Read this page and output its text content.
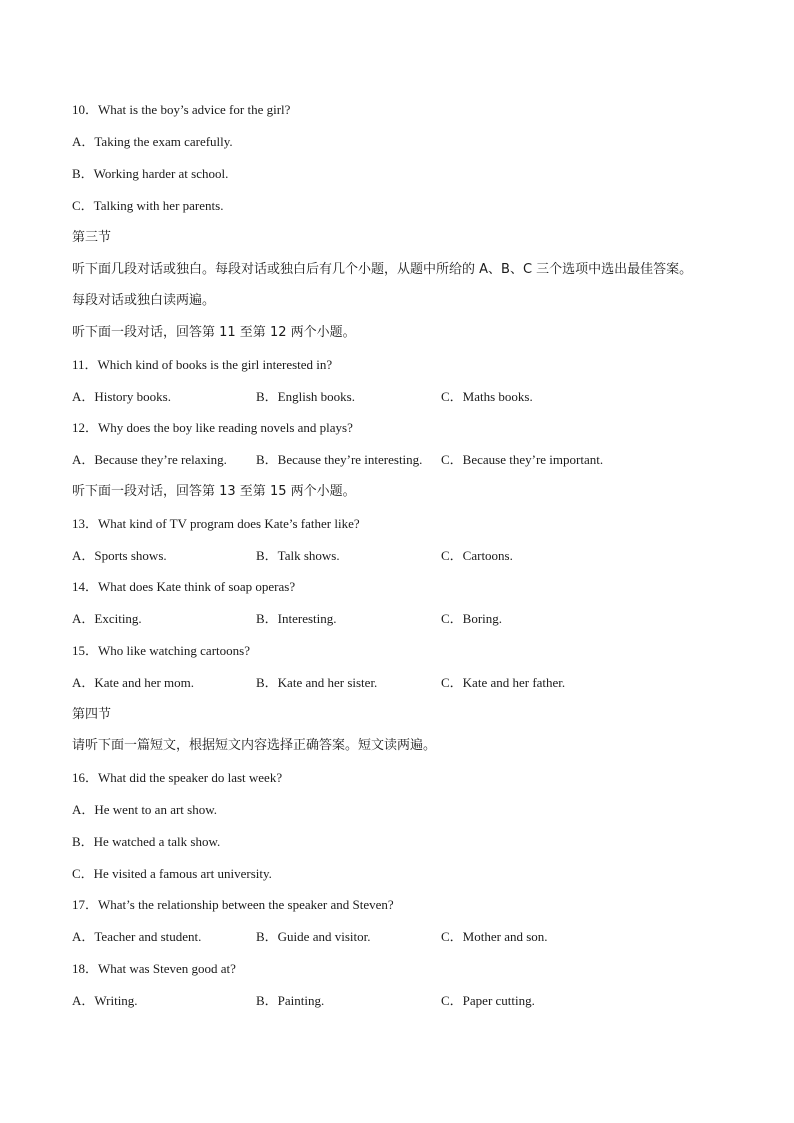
10．What is the boy’s advice for the girl?
A．Taking the exam carefully.
B．Working harder at school.
C．Talking with her parents.
第三节
听下面几段对话或独白。每段对话或独白后有几个小题，从题中所给的 A、B、C 三个选项中选出最佳答案。
每段对话或独白读两遍。
听下面一段对话，回答第 11 至第 12 两个小题。
11．Which kind of books is the girl interested in?
A．History books.	B．English books.	C．Maths books.
12．Why does the boy like reading novels and plays?
A．Because they’re relaxing. B．Because they’re interesting. C．Because they’re important.
听下面一段对话，回答第 13 至第 15 两个小题。
13．What kind of TV program does Kate’s father like?
A．Sports shows.	B．Talk shows.	C．Cartoons.
14．What does Kate think of soap operas?
A．Exciting.	B．Interesting.	C．Boring.
15．Who like watching cartoons?
A．Kate and her mom.	B．Kate and her sister.	C．Kate and her father.
第四节
请听下面一篇短文，根据短文内容选择正确答案。短文读两遍。
16．What did the speaker do last week?
A．He went to an art show.
B．He watched a talk show.
C．He visited a famous art university.
17．What’s the relationship between the speaker and Steven?
A．Teacher and student.	B．Guide and visitor.	C．Mother and son.
18．What was Steven good at?
A．Writing.	B．Painting.	C．Paper cutting.
